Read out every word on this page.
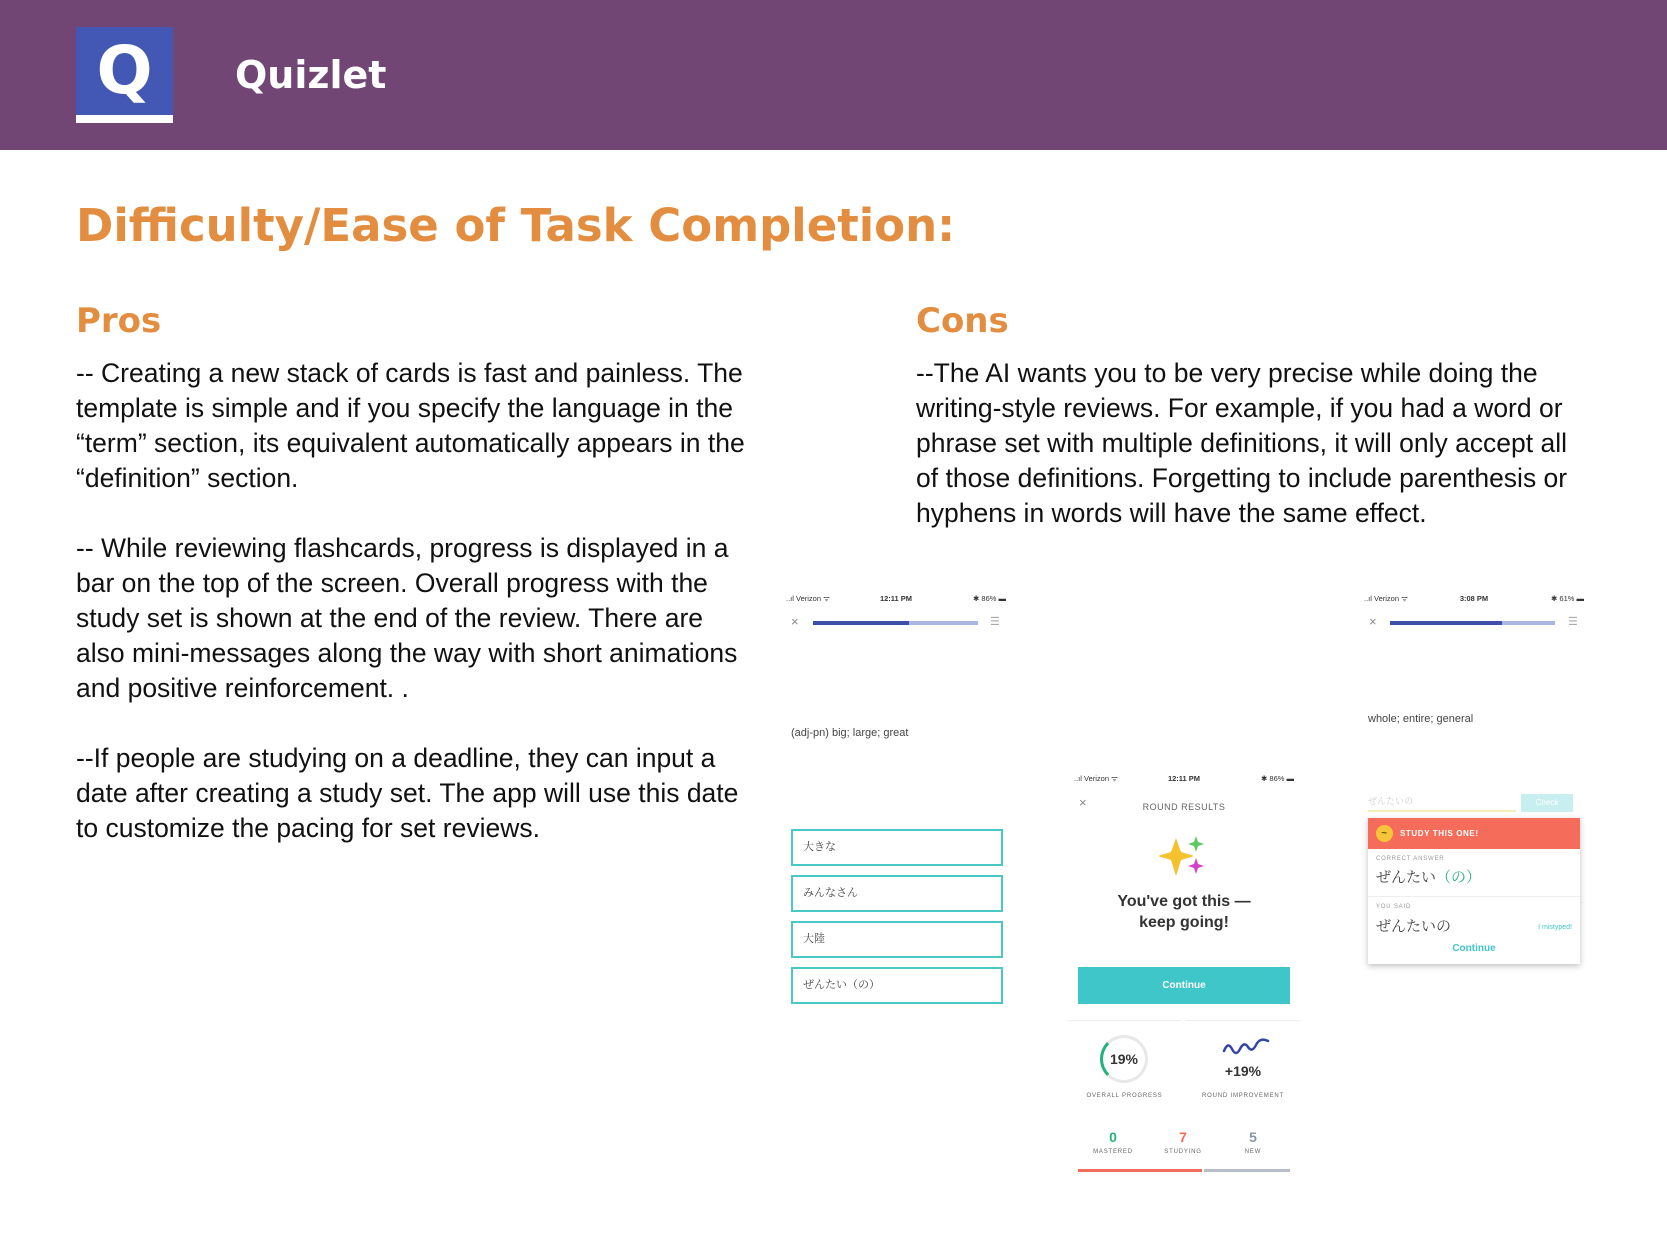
Q	Quizlet
Difficulty/Ease of Task Completion:
Pros

-- Creating a new stack of cards is fast and painless. The template is simple and if you specify the language in the “term” section, its equivalent automatically appears in the “definition” section.

-- While reviewing flashcards, progress is displayed in a bar on the top of the screen. Overall progress with the study set is shown at the end of the review. There are also mini-messages along the way with short animations and positive reinforcement. .

--If people are studying on a deadline, they can input a date after creating a study set. The app will use this date to customize the pacing for set reviews.

Cons

--The AI wants you to be very precise while doing the writing-style reviews. For example, if you had a word or phrase set with multiple definitions, it will only accept all of those definitions. Forgetting to include parenthesis or hyphens in words will have the same effect.

..ıl Verizon ᯤ	12:11 PM	✱ 86% ▬
×	☰
(adj-pn) big; large; great
大きな
みんなさん
大陸
ぜんたい（の）
..ıl Verizon ᯤ	12:11 PM	✱ 86% ▬
×	ROUND RESULTS
You've got this — keep going!
Continue
19%
OVERALL PROGRESS
+19%
ROUND IMPROVEMENT
0
MASTERED
7
STUDYING
5
NEW
..ıl Verizon ᯤ	3:08 PM	✱ 61% ▬
×	☰
whole; entire; general
ぜんたいの	Check
~	STUDY THIS ONE!
CORRECT ANSWER
ぜんたい（の）
YOU SAID
ぜんたいの	I mistyped!
Continue
